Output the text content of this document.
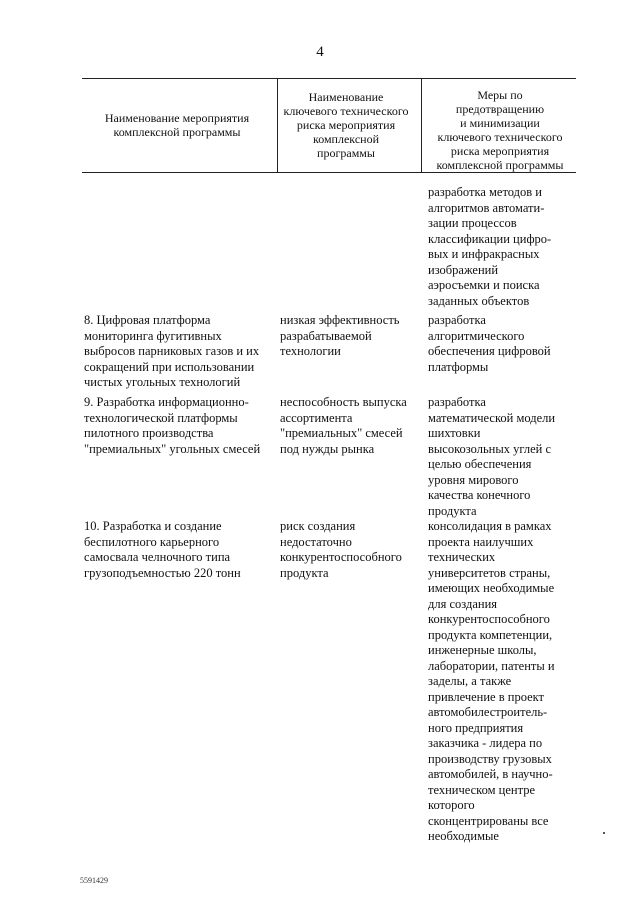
4
Наименование мероприятия
комплексной программы
Наименование
ключевого технического
риска мероприятия
комплексной
программы
Меры по
предотвращению
и минимизации
ключевого технического
риска мероприятия
комплексной программы
разработка методов и
алгоритмов автомати-
зации процессов
классификации цифро-
вых и инфракрасных
изображений
аэросъемки и поиска
заданных объектов
8. Цифровая платформа
мониторинга фугитивных
выбросов парниковых газов и их
сокращений при использовании
чистых угольных технологий
низкая эффективность
разрабатываемой
технологии
разработка
алгоритмического
обеспечения цифровой
платформы
9. Разработка информационно-
технологической платформы
пилотного производства
"премиальных" угольных смесей
неспособность выпуска
ассортимента
"премиальных" смесей
под нужды рынка
разработка
математической модели
шихтовки
высокозольных углей с
целью обеспечения
уровня мирового
качества конечного
продукта
10. Разработка и создание
беспилотного карьерного
самосвала челночного типа
грузоподъемностью 220 тонн
риск создания
недостаточно
конкурентоспособного
продукта
консолидация в рамках
проекта наилучших
технических
университетов страны,
имеющих необходимые
для создания
конкурентоспособного
продукта компетенции,
инженерные школы,
лаборатории, патенты и
заделы, а также
привлечение в проект
автомобилестроитель-
ного предприятия
заказчика - лидера по
производству грузовых
автомобилей, в научно-
техническом центре
которого
сконцентрированы все
необходимые
5591429
